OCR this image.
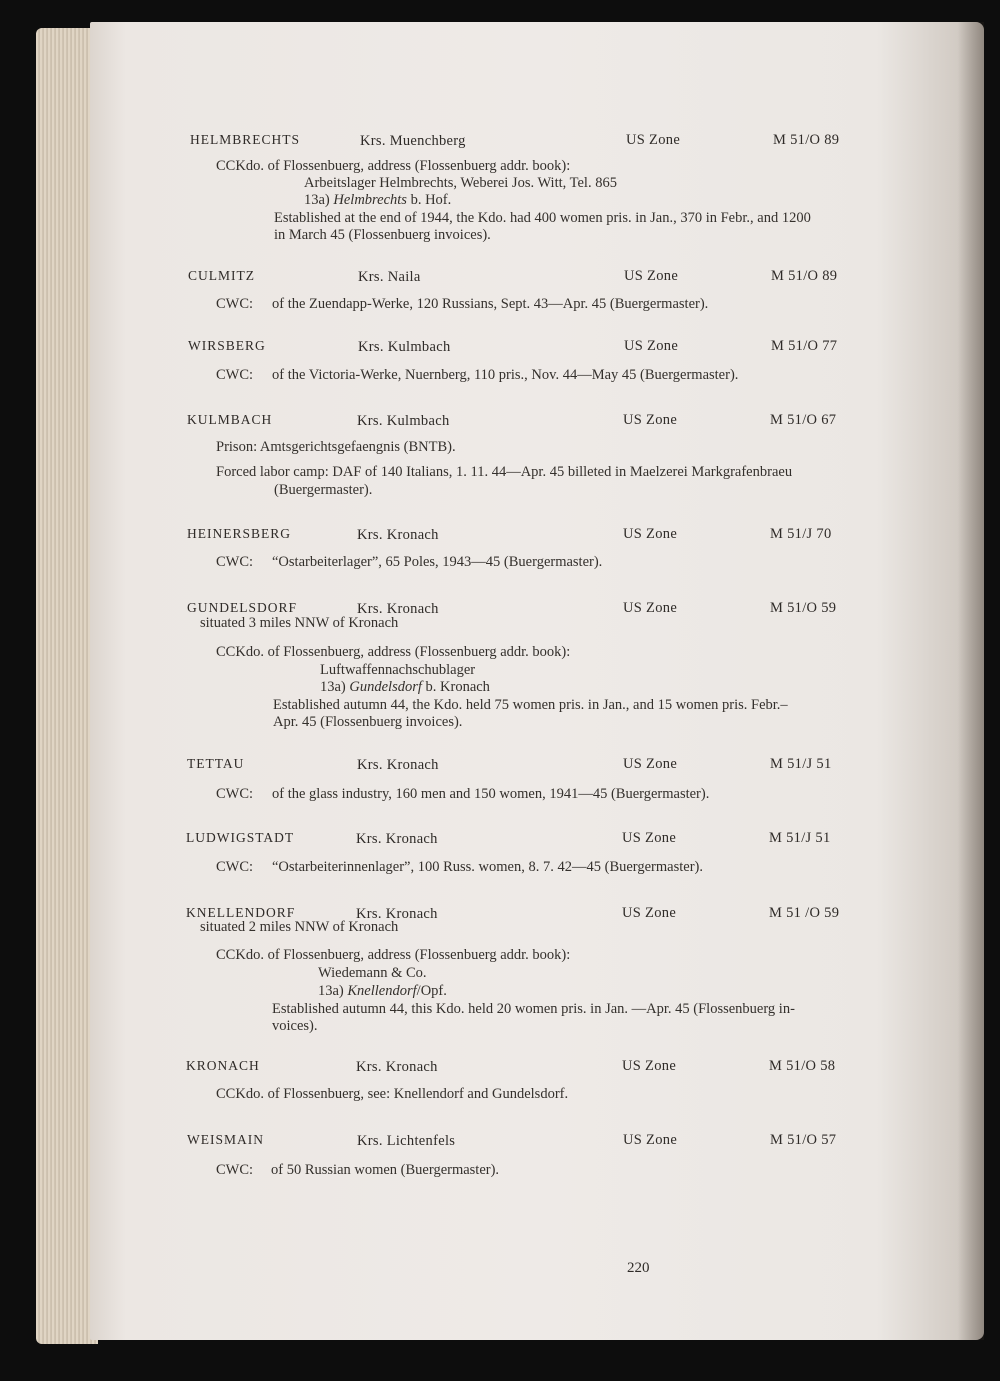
HELMBRECHTS	Krs. Muenchberg	US Zone	M 51/O 89
CCKdo. of Flossenbuerg, address (Flossenbuerg addr. book):
Arbeitslager Helmbrechts, Weberei Jos. Witt, Tel. 865
13a) Helmbrechts b. Hof.
Established at the end of 1944, the Kdo. had 400 women pris. in Jan., 370 in Febr., and 1200
in March 45 (Flossenbuerg invoices).
CULMITZ	Krs. Naila	US Zone	M 51/O 89
CWC: of the Zuendapp-Werke, 120 Russians, Sept. 43—Apr. 45 (Buergermaster).
WIRSBERG	Krs. Kulmbach	US Zone	M 51/O 77
CWC: of the Victoria-Werke, Nuernberg, 110 pris., Nov. 44—May 45 (Buergermaster).
KULMBACH	Krs. Kulmbach	US Zone	M 51/O 67
Prison: Amtsgerichtsgefaengnis (BNTB).
Forced labor camp: DAF of 140 Italians, 1. 11. 44—Apr. 45 billeted in Maelzerei Markgrafenbraeu
(Buergermaster).
HEINERSBERG	Krs. Kronach	US Zone	M 51/J 70
CWC: “Ostarbeiterlager”, 65 Poles, 1943—45 (Buergermaster).
GUNDELSDORF	Krs. Kronach	US Zone	M 51/O 59
situated 3 miles NNW of Kronach
CCKdo. of Flossenbuerg, address (Flossenbuerg addr. book):
Luftwaffennachschublager
13a) Gundelsdorf b. Kronach
Established autumn 44, the Kdo. held 75 women pris. in Jan., and 15 women pris. Febr.–
Apr. 45 (Flossenbuerg invoices).
TETTAU	Krs. Kronach	US Zone	M 51/J 51
CWC: of the glass industry, 160 men and 150 women, 1941—45 (Buergermaster).
LUDWIGSTADT	Krs. Kronach	US Zone	M 51/J 51
CWC: “Ostarbeiterinnenlager”, 100 Russ. women, 8. 7. 42—45 (Buergermaster).
KNELLENDORF	Krs. Kronach	US Zone	M 51 /O 59
situated 2 miles NNW of Kronach
CCKdo. of Flossenbuerg, address (Flossenbuerg addr. book):
Wiedemann & Co.
13a) Knellendorf/Opf.
Established autumn 44, this Kdo. held 20 women pris. in Jan. —Apr. 45 (Flossenbuerg in-
voices).
KRONACH	Krs. Kronach	US Zone	M 51/O 58
CCKdo. of Flossenbuerg, see: Knellendorf and Gundelsdorf.
WEISMAIN	Krs. Lichtenfels	US Zone	M 51/O 57
CWC: of 50 Russian women (Buergermaster).
220
